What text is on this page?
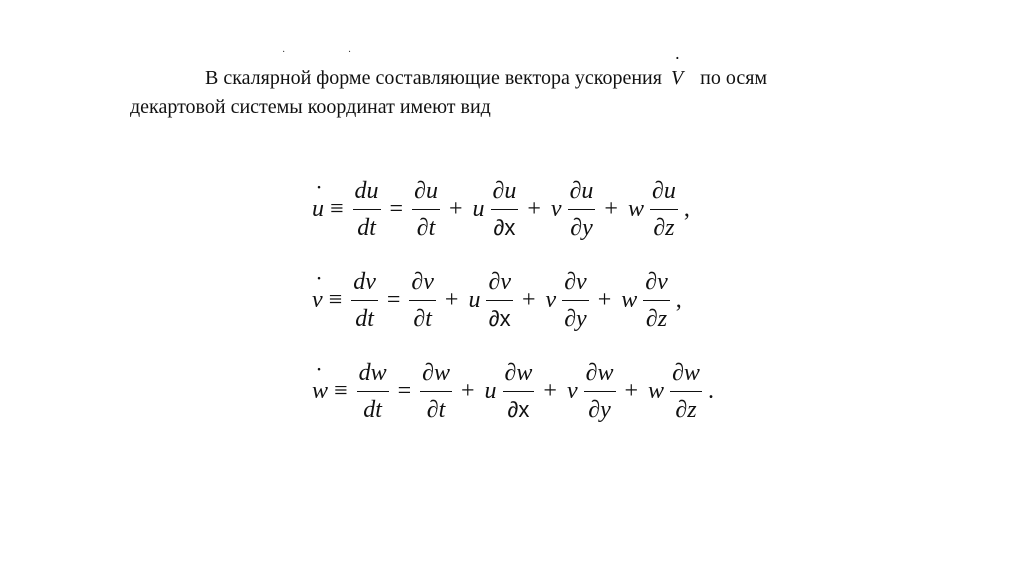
· ·
В скалярной форме составляющие вектора ускорения ˙ V по осям
декартовой системы координат имеют вид
˙ $u \equiv \frac{du}{dt} = \frac{\partial u}{\partial t} + u \frac{\partial u}{\partial x} + v \frac{\partial u}{\partial y} + w \frac{\partial u}{\partial z}$ ,
˙ $v \equiv \frac{dv}{dt} = \frac{\partial v}{\partial t} + u \frac{\partial v}{\partial x} + v \frac{\partial v}{\partial y} + w \frac{\partial v}{\partial z}$ ,
˙ $w \equiv \frac{dw}{dt} = \frac{\partial w}{\partial t} + u \frac{\partial w}{\partial x} + v \frac{\partial w}{\partial y} + w \frac{\partial w}{\partial z}$ .
